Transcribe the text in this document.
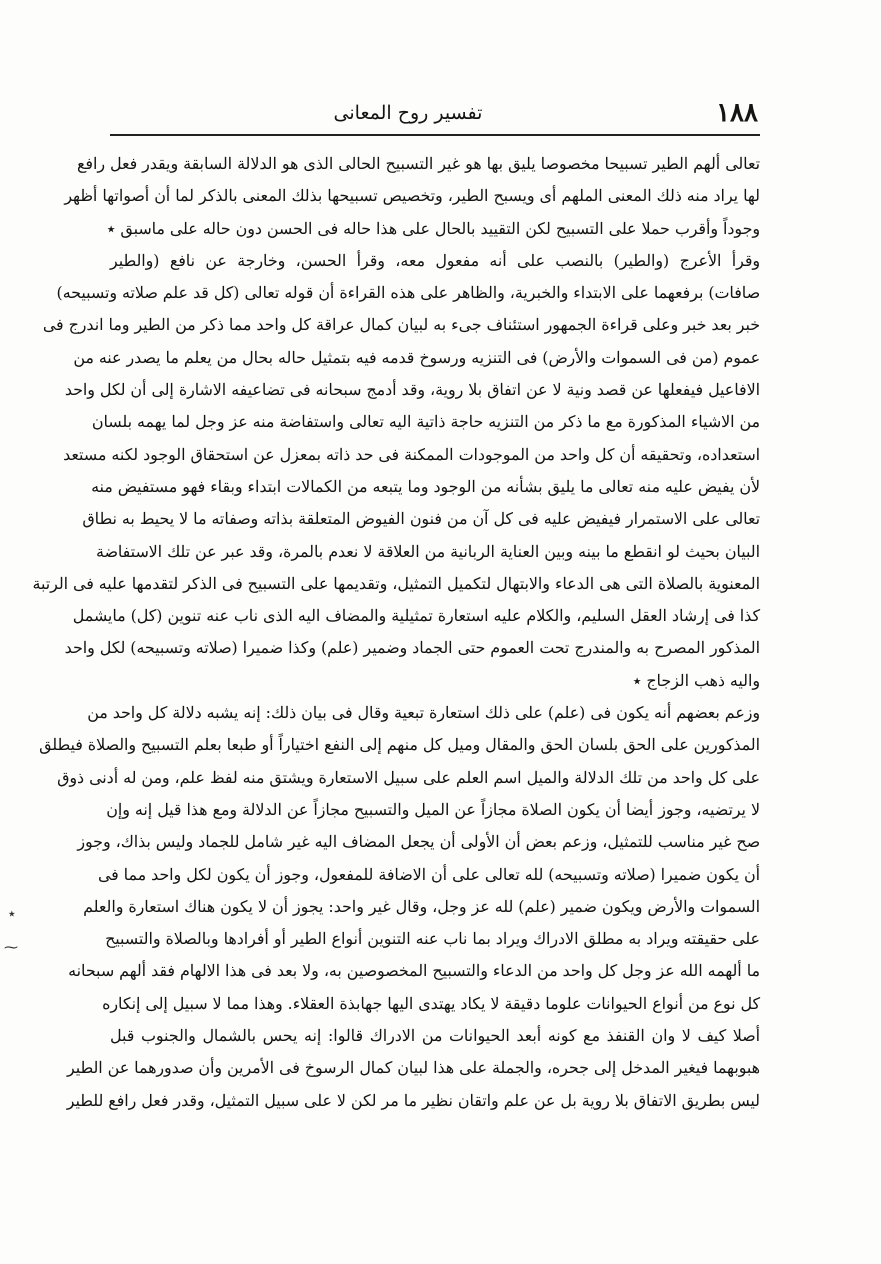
١٨٨
تفسير روح المعانى
تعالى ألهم الطير تسبيحا مخصوصا يليق بها هو غير التسبيح الحالى الذى هو الدلالة السابقة ويقدر فعل رافع
لها يراد منه ذلك المعنى الملهم أى ويسبح الطير، وتخصيص تسبيحها بذلك المعنى بالذكر لما أن أصواتها أظهر
وجوداً وأقرب حملا على التسبيح لكن التقييد بالحال على هذا حاله فى الحسن دون حاله على ماسبق ٭
وقرأ الأعرج (والطير) بالنصب على أنه مفعول معه، وقرأ الحسن، وخارجة عن نافع (والطير
صافات) برفعهما على الابتداء والخبرية، والظاهر على هذه القراءة أن قوله تعالى (كل قد علم صلاته وتسبيحه)
خبر بعد خبر وعلى قراءة الجمهور استئناف جىء به لبيان كمال عراقة كل واحد مما ذكر من الطير وما اندرج فى
عموم (من فى السموات والأرض) فى التنزيه ورسوخ قدمه فيه بتمثيل حاله بحال من يعلم ما يصدر عنه من
الافاعيل فيفعلها عن قصد ونية لا عن اتفاق بلا روية، وقد أدمج سبحانه فى تضاعيفه الاشارة إلى أن لكل واحد
من الاشياء المذكورة مع ما ذكر من التنزيه حاجة ذاتية اليه تعالى واستفاضة منه عز وجل لما يهمه بلسان
استعداده، وتحقيقه أن كل واحد من الموجودات الممكنة فى حد ذاته بمعزل عن استحقاق الوجود لكنه مستعد
لأن يفيض عليه منه تعالى ما يليق بشأنه من الوجود وما يتبعه من الكمالات ابتداء وبقاء فهو مستفيض منه
تعالى على الاستمرار فيفيض عليه فى كل آن من فنون الفيوض المتعلقة بذاته وصفاته ما لا يحيط به نطاق
البيان بحيث لو انقطع ما بينه وبين العناية الربانية من العلاقة لا نعدم بالمرة، وقد عبر عن تلك الاستفاضة
المعنوية بالصلاة التى هى الدعاء والابتهال لتكميل التمثيل، وتقديمها على التسبيح فى الذكر لتقدمها عليه فى الرتبة
كذا فى إرشاد العقل السليم، والكلام عليه استعارة تمثيلية والمضاف اليه الذى ناب عنه تنوين (كل) مايشمل
المذكور المصرح به والمندرج تحت العموم حتى الجماد وضمير (علم) وكذا ضميرا (صلاته وتسبيحه) لكل واحد
واليه ذهب الزجاج ٭
وزعم بعضهم أنه يكون فى (علم) على ذلك استعارة تبعية وقال فى بيان ذلك: إنه يشبه دلالة كل واحد من
المذكورين على الحق بلسان الحق والمقال وميل كل منهم إلى النفع اختياراً أو طبعا بعلم التسبيح والصلاة فيطلق
على كل واحد من تلك الدلالة والميل اسم العلم على سبيل الاستعارة ويشتق منه لفظ علم، ومن له أدنى ذوق
لا يرتضيه، وجوز أيضا أن يكون الصلاة مجازاً عن الميل والتسبيح مجازاً عن الدلالة ومع هذا قيل إنه وإن
صح غير مناسب للتمثيل، وزعم بعض أن الأولى أن يجعل المضاف اليه غير شامل للجماد وليس بذاك، وجوز
أن يكون ضميرا (صلاته وتسبيحه) لله تعالى على أن الاضافة للمفعول، وجوز أن يكون لكل واحد مما فى
السموات والأرض ويكون ضمير (علم) لله عز وجل، وقال غير واحد: يجوز أن لا يكون هناك استعارة والعلم
على حقيقته ويراد به مطلق الادراك ويراد بما ناب عنه التنوين أنواع الطير أو أفرادها وبالصلاة والتسبيح
ما ألهمه الله عز وجل كل واحد من الدعاء والتسبيح المخصوصين به، ولا بعد فى هذا الالهام فقد ألهم سبحانه
كل نوع من أنواع الحيوانات علوما دقيقة لا يكاد يهتدى اليها جهابذة العقلاء. وهذا مما لا سبيل إلى إنكاره
أصلا كيف لا وان القنفذ مع كونه أبعد الحيوانات من الادراك قالوا: إنه يحس بالشمال والجنوب قبل
هبوبهما فيغير المدخل إلى جحره، والجملة على هذا لبيان كمال الرسوخ فى الأمرين وأن صدورهما عن الطير
ليس بطريق الاتفاق بلا روية بل عن علم واتقان نظير ما مر لكن لا على سبيل التمثيل، وقدر فعل رافع للطير
٭
⁓
